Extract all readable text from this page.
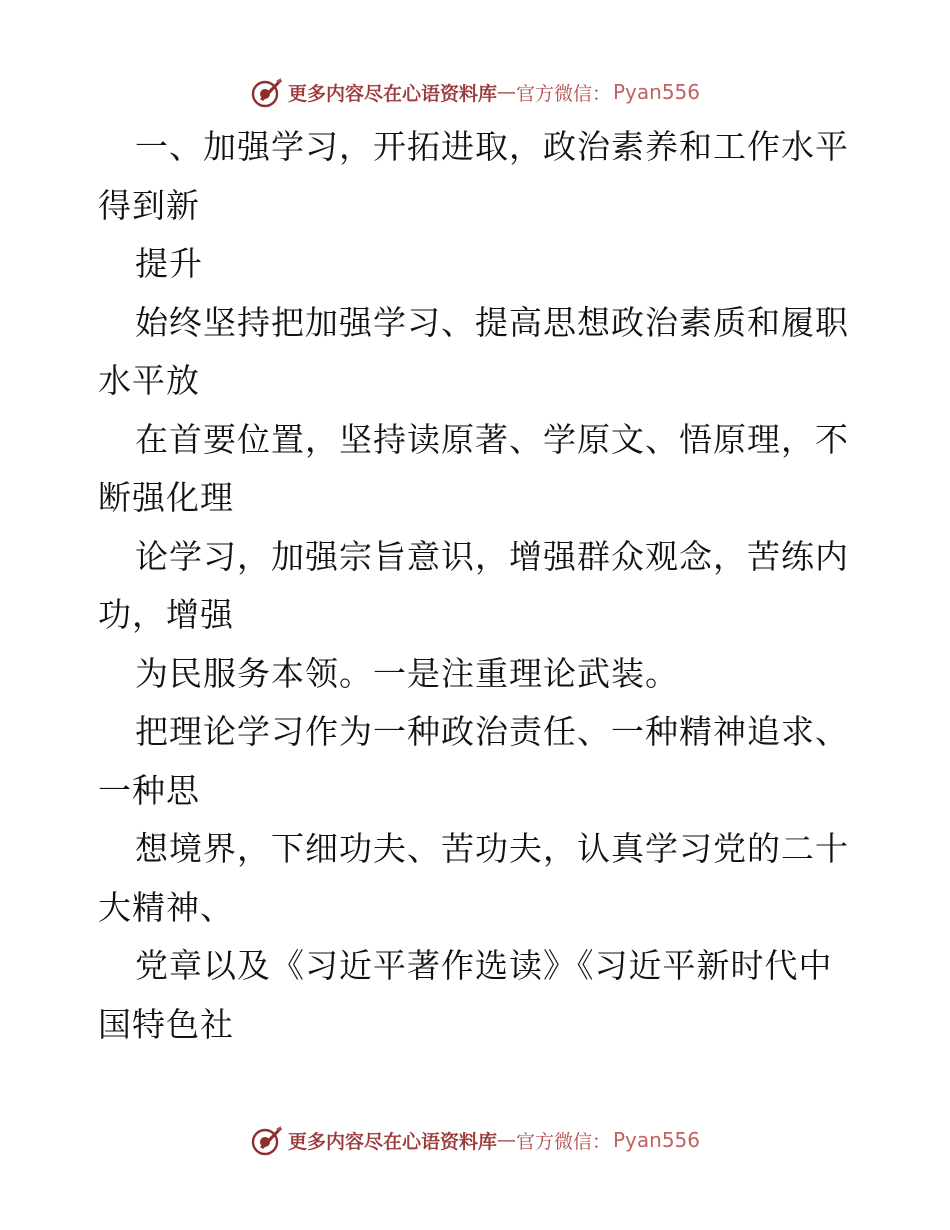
更多内容尽在心语资料库 — 官方微信： Pyan556
一、加强学习，开拓进取，政治素养和工作水平
得到新
提升
始终坚持把加强学习、提高思想政治素质和履职
水平放
在首要位置，坚持读原著、学原文、悟原理，不
断强化理
论学习，加强宗旨意识，增强群众观念，苦练内
功，增强
为民服务本领。一是注重理论武装。
把理论学习作为一种政治责任、一种精神追求、
一种思
想境界，下细功夫、苦功夫，认真学习党的二十
大精神、
党章以及《习近平著作选读》《习近平新时代中
国特色社
更多内容尽在心语资料库 — 官方微信： Pyan556
